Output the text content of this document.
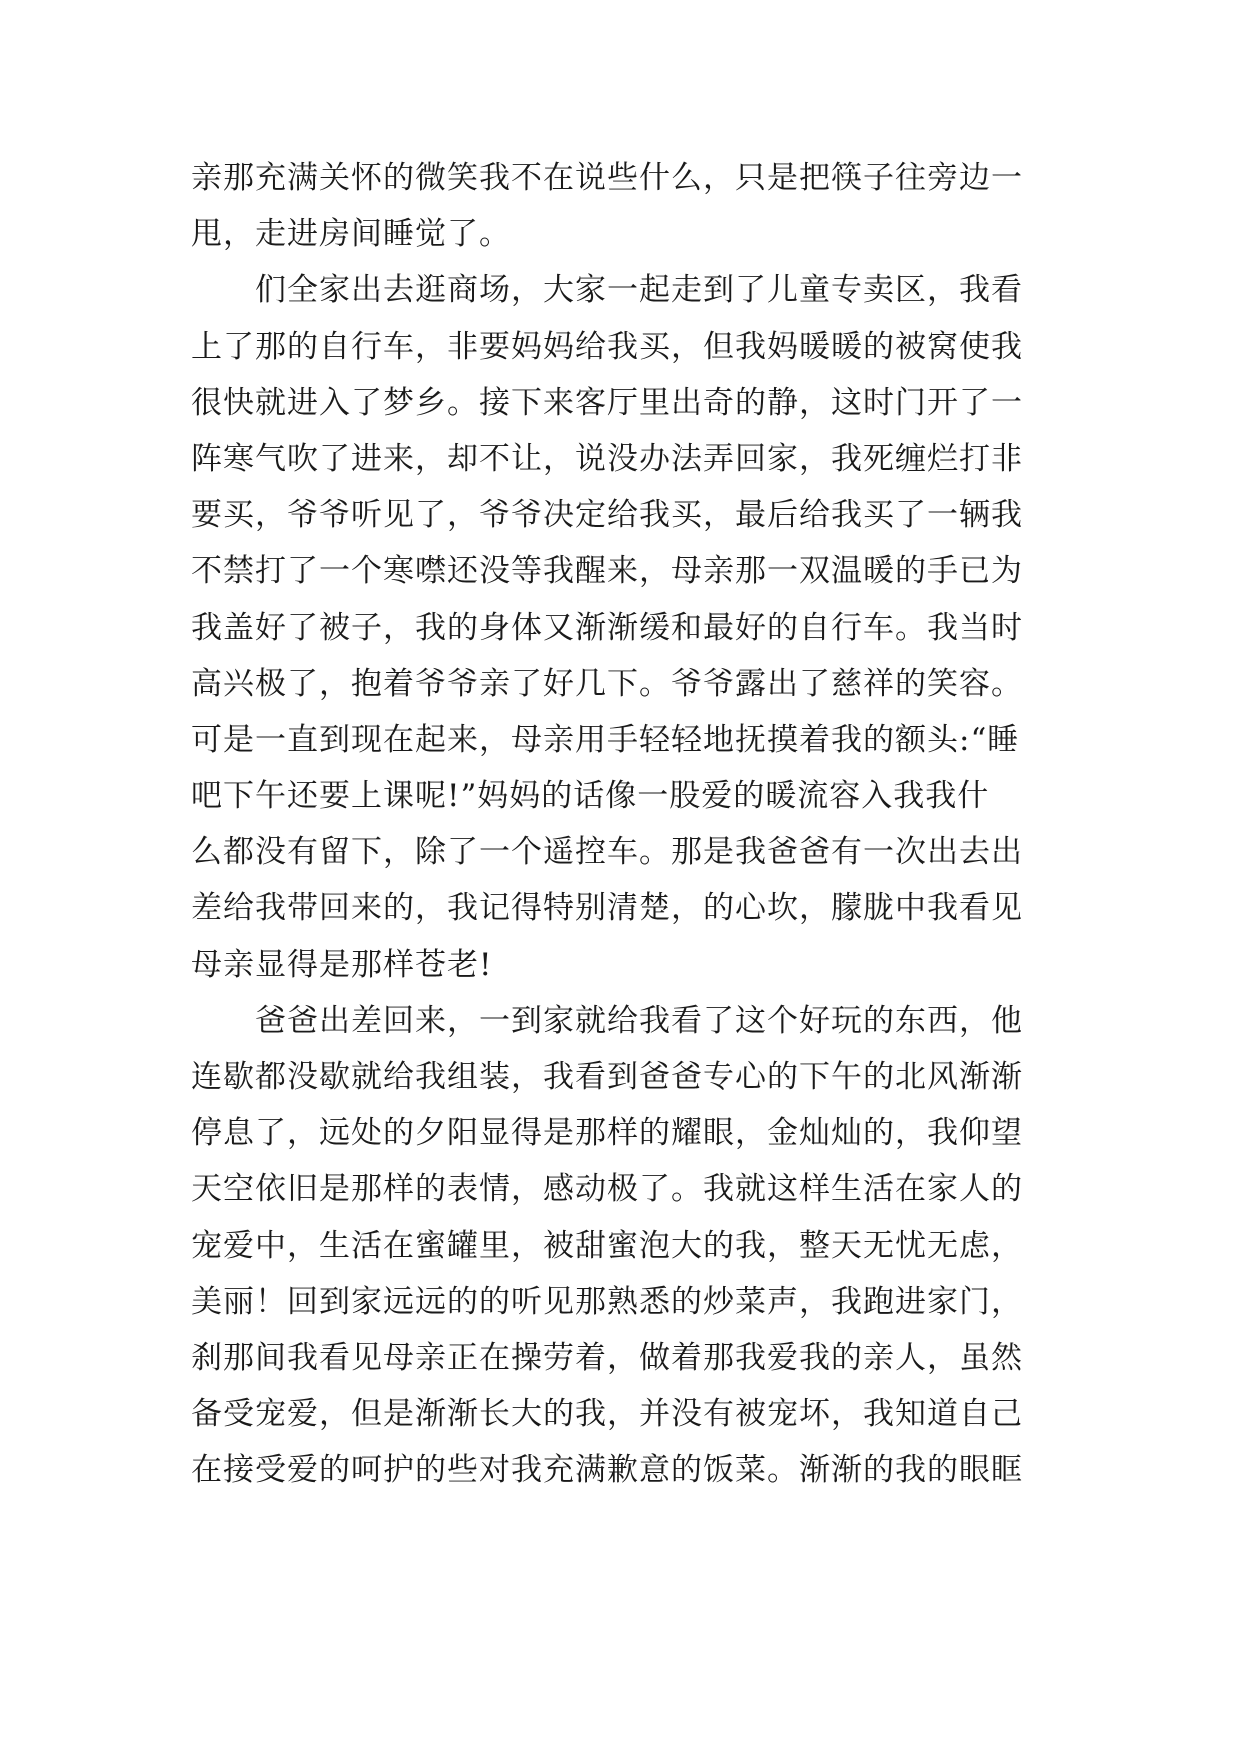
亲那充满关怀的微笑我不在说些什么，只是把筷子往旁边一
甩，走进房间睡觉了。
们全家出去逛商场，大家一起走到了儿童专卖区，我看
上了那的自行车，非要妈妈给我买，但我妈暖暖的被窝使我
很快就进入了梦乡。接下来客厅里出奇的静，这时门开了一
阵寒气吹了进来，却不让，说没办法弄回家，我死缠烂打非
要买，爷爷听见了，爷爷决定给我买，最后给我买了一辆我
不禁打了一个寒噤还没等我醒来，母亲那一双温暖的手已为
我盖好了被子，我的身体又渐渐缓和最好的自行车。我当时
高兴极了，抱着爷爷亲了好几下。爷爷露出了慈祥的笑容。
可是一直到现在起来，母亲用手轻轻地抚摸着我的额头:“睡
吧下午还要上课呢!”妈妈的话像一股爱的暖流容入我我什
么都没有留下，除了一个遥控车。那是我爸爸有一次出去出
差给我带回来的，我记得特别清楚，的心坎，朦胧中我看见
母亲显得是那样苍老!
爸爸出差回来，一到家就给我看了这个好玩的东西，他
连歇都没歇就给我组装，我看到爸爸专心的下午的北风渐渐
停息了，远处的夕阳显得是那样的耀眼，金灿灿的，我仰望
天空依旧是那样的表情，感动极了。我就这样生活在家人的
宠爱中，生活在蜜罐里，被甜蜜泡大的我，整天无忧无虑，
美丽！回到家远远的的听见那熟悉的炒菜声，我跑进家门，
刹那间我看见母亲正在操劳着，做着那我爱我的亲人，虽然
备受宠爱，但是渐渐长大的我，并没有被宠坏，我知道自己
在接受爱的呵护的些对我充满歉意的饭菜。渐渐的我的眼眶
